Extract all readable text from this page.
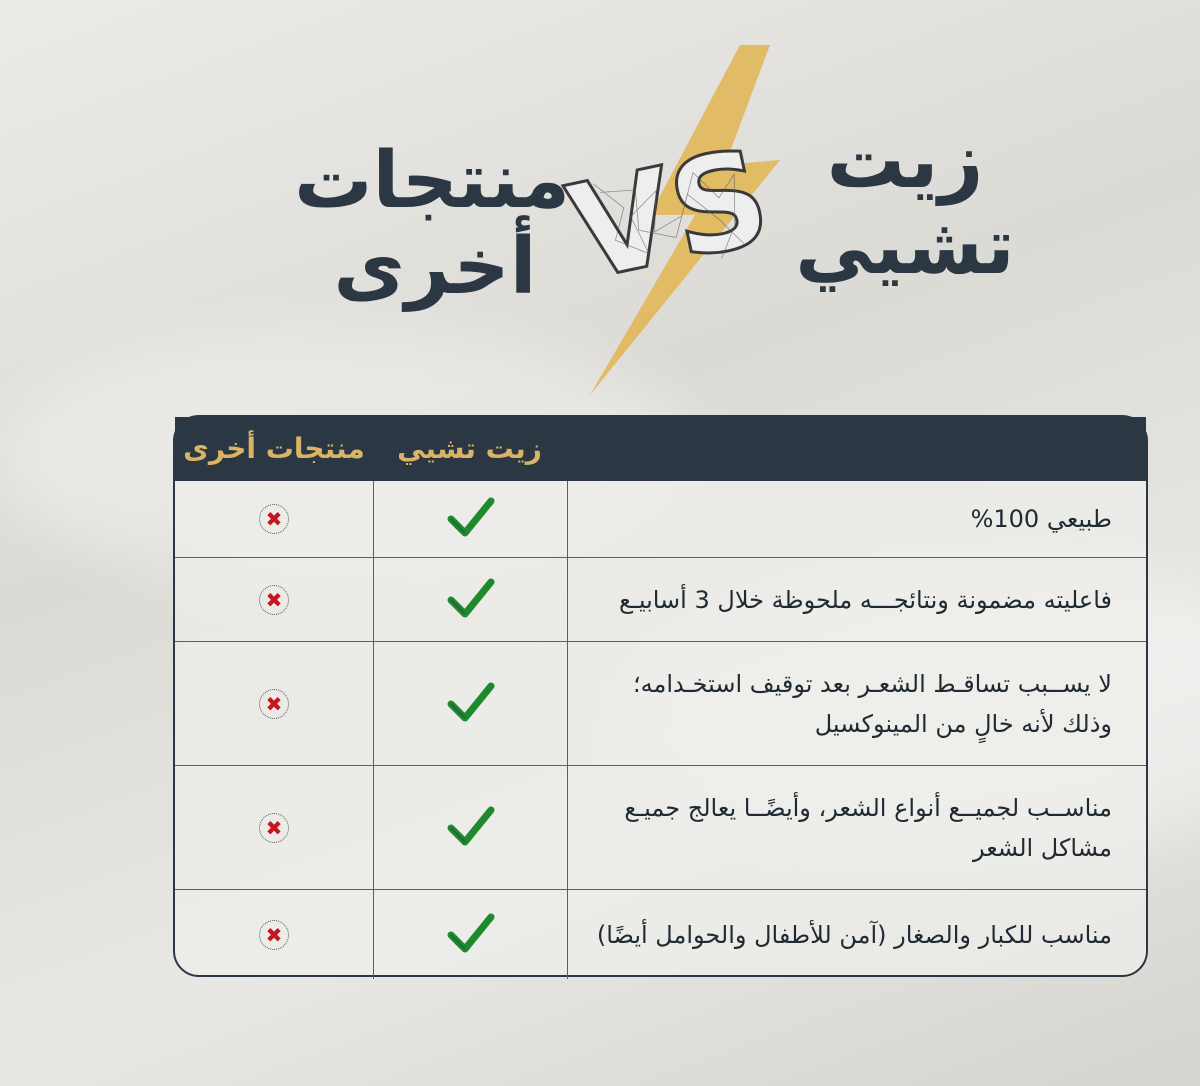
VS زيت تشيي
منتجات أخرى
زيت تشيي
منتجات أخرى
طبيعي 100%
✖
فاعليته مضمونة ونتائجـــه ملحوظة خلال 3 أسابيـع
✖
لا يســبب تساقـط الشعـر بعد توقيف استخـدامه؛ وذلك لأنه خالٍ من المينوكسيل
✖
مناســب لجميــع أنواع الشعر، وأيضًــا يعالج جميـع مشاكل الشعر
✖
مناسب للكبار والصغار (آمن للأطفال والحوامل أيضًا)
✖
